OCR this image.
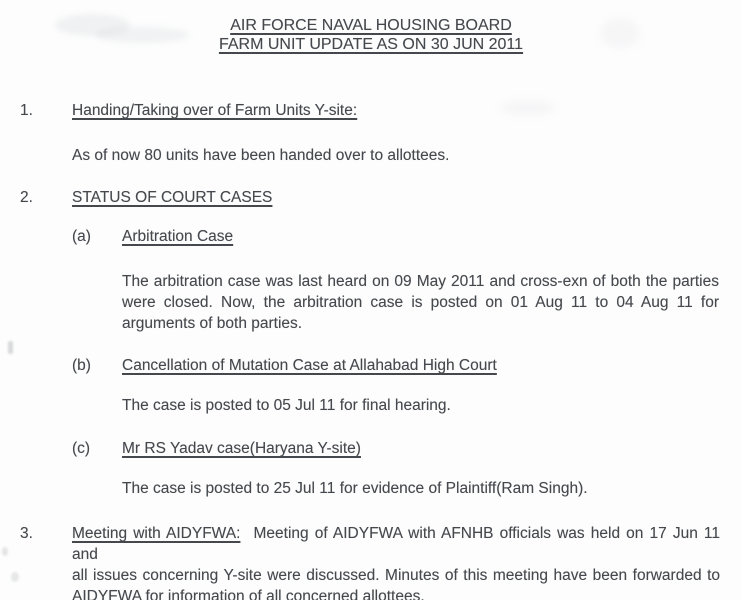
AIR FORCE NAVAL HOUSING BOARD
FARM UNIT UPDATE AS ON 30 JUN 2011
1.	Handing/Taking over of Farm Units Y-site:
As of now 80 units have been handed over to allottees.
2.	STATUS OF COURT CASES
(a) Arbitration Case
The arbitration case was last heard on 09 May 2011 and cross-exn of both the parties
were closed. Now, the arbitration case is posted on 01 Aug 11 to 04 Aug 11 for
arguments of both parties.
(b) Cancellation of Mutation Case at Allahabad High Court
The case is posted to 05 Jul 11 for final hearing.
(c) Mr RS Yadav case(Haryana Y-site)
The case is posted to 25 Jul 11 for evidence of Plaintiff(Ram Singh).
3.	Meeting with AIDYFWA: Meeting of AIDYFWA with AFNHB officials was held on 17 Jun 11 and
all issues concerning Y-site were discussed. Minutes of this meeting have been forwarded to
AIDYFWA for information of all concerned allottees.
